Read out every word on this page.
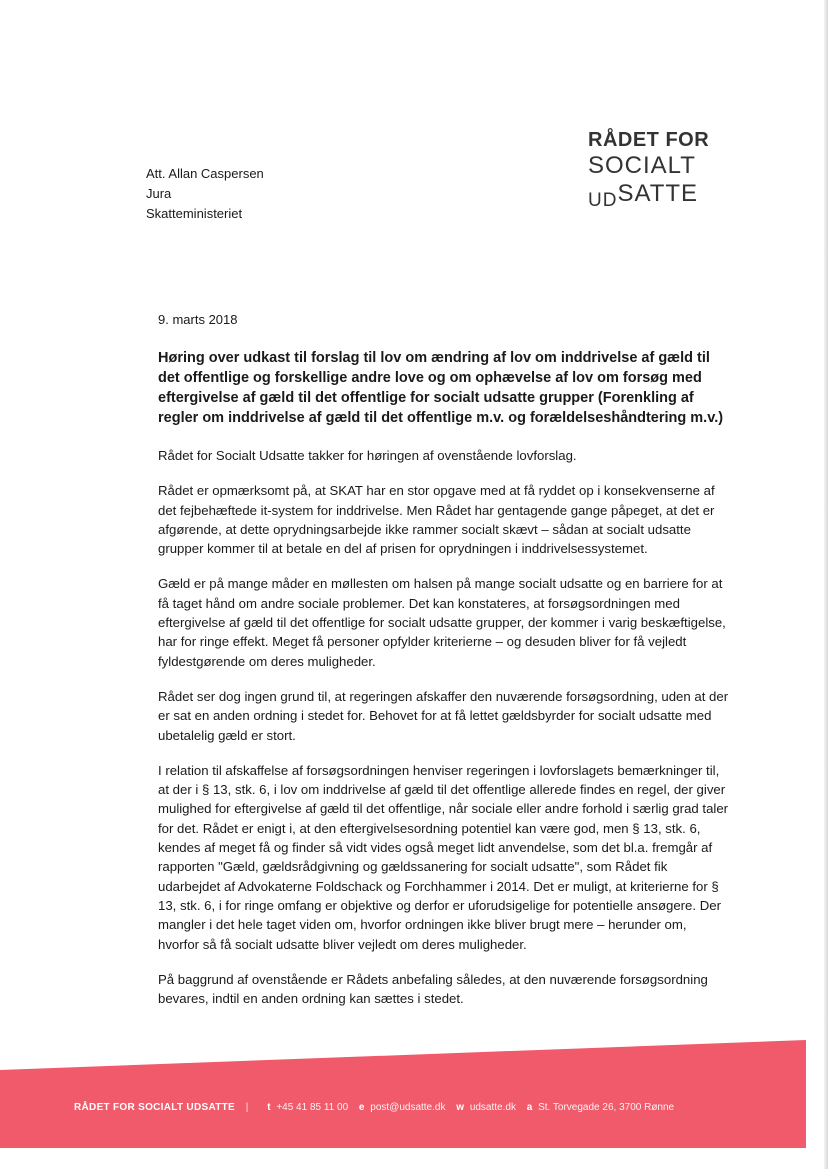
RÅDET FOR
SOCIALT
$_{UD}$SATTE
Att. Allan Caspersen
Jura
Skatteministeriet
9. marts 2018
Høring over udkast til forslag til lov om ændring af lov om inddrivelse af gæld til det offentlige og forskellige andre love og om ophævelse af lov om forsøg med eftergivelse af gæld til det offentlige for socialt udsatte grupper (Forenkling af regler om inddrivelse af gæld til det offentlige m.v. og forældelseshåndtering m.v.)

Rådet for Socialt Udsatte takker for høringen af ovenstående lovforslag.

Rådet er opmærksomt på, at SKAT har en stor opgave med at få ryddet op i konsekvenserne af det fejbehæftede it-system for inddrivelse. Men Rådet har gentagende gange påpeget, at det er afgørende, at dette oprydningsarbejde ikke rammer socialt skævt – sådan at socialt udsatte grupper kommer til at betale en del af prisen for oprydningen i inddrivelsessystemet.

Gæld er på mange måder en møllesten om halsen på mange socialt udsatte og en barriere for at få taget hånd om andre sociale problemer. Det kan konstateres, at forsøgsordningen med eftergivelse af gæld til det offentlige for socialt udsatte grupper, der kommer i varig beskæftigelse, har for ringe effekt. Meget få personer opfylder kriterierne – og desuden bliver for få vejledt fyldestgørende om deres muligheder.

Rådet ser dog ingen grund til, at regeringen afskaffer den nuværende forsøgsordning, uden at der er sat en anden ordning i stedet for. Behovet for at få lettet gældsbyrder for socialt udsatte med ubetalelig gæld er stort.

I relation til afskaffelse af forsøgsordningen henviser regeringen i lovforslagets bemærkninger til, at der i § 13, stk. 6, i lov om inddrivelse af gæld til det offentlige allerede findes en regel, der giver mulighed for eftergivelse af gæld til det offentlige, når sociale eller andre forhold i særlig grad taler for det. Rådet er enigt i, at den eftergivelsesordning potentiel kan være god, men § 13, stk. 6, kendes af meget få og finder så vidt vides også meget lidt anvendelse, som det bl.a. fremgår af rapporten "Gæld, gældsrådgivning og gældssanering for socialt udsatte", som Rådet fik udarbejdet af Advokaterne Foldschack og Forchhammer i 2014. Det er muligt, at kriterierne for § 13, stk. 6, i for ringe omfang er objektive og derfor er uforudsigelige for potentielle ansøgere. Der mangler i det hele taget viden om, hvorfor ordningen ikke bliver brugt mere – herunder om, hvorfor så få socialt udsatte bliver vejledt om deres muligheder.

På baggrund af ovenstående er Rådets anbefaling således, at den nuværende forsøgsordning bevares, indtil en anden ordning kan sættes i stedet.

RÅDET FOR SOCIALT UDSATTE | t +45 41 85 11 00 e post@udsatte.dk w udsatte.dk a St. Torvegade 26, 3700 Rønne
